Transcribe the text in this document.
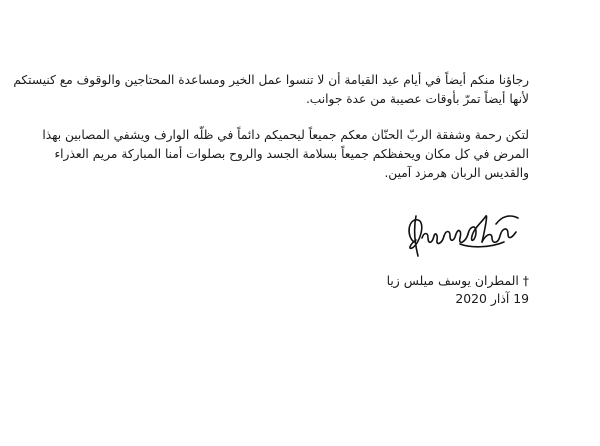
رجاؤنا منكم أيضاً في أيام عيد القيامة أن لا تنسوا عمل الخير ومساعدة المحتاجين والوقوف مع كنيستكم
لأنها أيضاً تمرّ بأوقات عصيبة من عدة جوانب.
لتكن رحمة وشفقة الربّ الحنّان معكم جميعاً ليحميكم دائماً في ظلّه الوارف ويشفي المصابين بهذا
المرض في كل مكان ويحفظكم جميعاً بسلامة الجسد والروح بصلوات أمنا المباركة مريم العذراء
والقديس الربان هرمزد آمين.
† المطران يوسف ميلس زيا
19 آذار 2020
